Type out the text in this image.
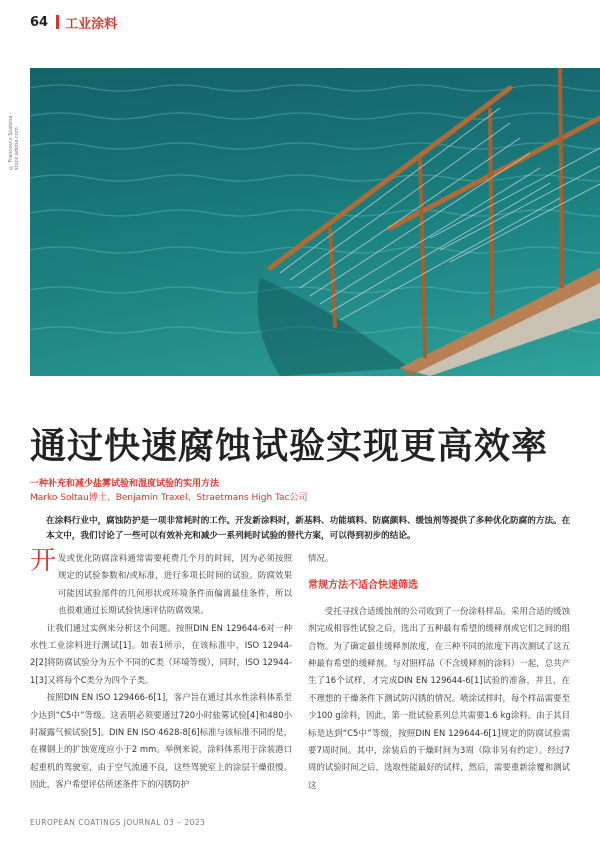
64 工业涂料
© Francesco Scatena - stock.adobe.com
通过快速腐蚀试验实现更高效率
一种补充和减少盐雾试验和湿度试验的实用方法
Marko Soltau博士、Benjamin Traxel、Straetmans High Tac公司
在涂料行业中，腐蚀防护是一项非常耗时的工作。开发新涂料时，新基料、功能填料、防腐颜料、缓蚀剂等提供了多种优化防腐的方法。在本文中，我们讨论了一些可以有效补充和减少一系列耗时试验的替代方案，可以得到初步的结论。

开 发或优化防腐涂料通常需要耗费几个月的时间，因为必须按照规定的试验参数和/或标准，进行多项长时间的试验。防腐效果可能因试验部件的几何形状或环境条件而偏离最佳条件，所以也很难通过长期试验快速评估防腐效果。

让我们通过实例来分析这个问题。按照DIN EN 129644-6对一种水性工业涂料进行测试[1]。如表1所示，在该标准中，ISO 12944-2[2]将防腐试验分为五个不同的C类（环境等级），同时，ISO 12944-1[3]又将每个C类分为四个子类。

按照DIN EN ISO 129466-6[1]，客户旨在通过其水性涂料体系至少达到“C5中”等级。这表明必须要通过720小时盐雾试验[4]和480小时凝露气候试验[5]。DIN EN ISO 4628-8[6]标准与该标准不同的是，在裸钢上的扩蚀宽度应小于2 mm。举例来说，涂料体系用于涂装港口起重机的驾驶室，由于空气流通不良，这些驾驶室上的涂层干燥很慢。因此，客户希望评估所述条件下的闪锈防护

情况。

常规方法不适合快速筛选

受托寻找合适缓蚀剂的公司收到了一份涂料样品。采用合适的缓蚀剂完成相容性试验之后，选出了五种最有希望的缓释剂或它们之间的组合物。为了确定最佳缓释剂浓度，在三种不同的浓度下再次测试了这五种最有希望的缓释剂。与对照样品（不含缓释剂的涂料）一起，总共产生了16个试样，才完成DIN EN 129644-6[1]试验的准备，并且，在不理想的干燥条件下测试防闪锈的情况。喷涂试样时，每个样品需要至少100 g涂料，因此，第一批试验系列总共需要1.6 kg涂料。由于其目标是达到“C5中”等级，按照DIN EN 129644-6[1]规定的防腐试验需要7周时间。其中，涂装后的干燥时间为3周（除非另有约定）。经过7周的试验时间之后，选取性能最好的试样，然后，需要重新涂覆和测试这

EUROPEAN COATINGS JOURNAL 03 – 2023
